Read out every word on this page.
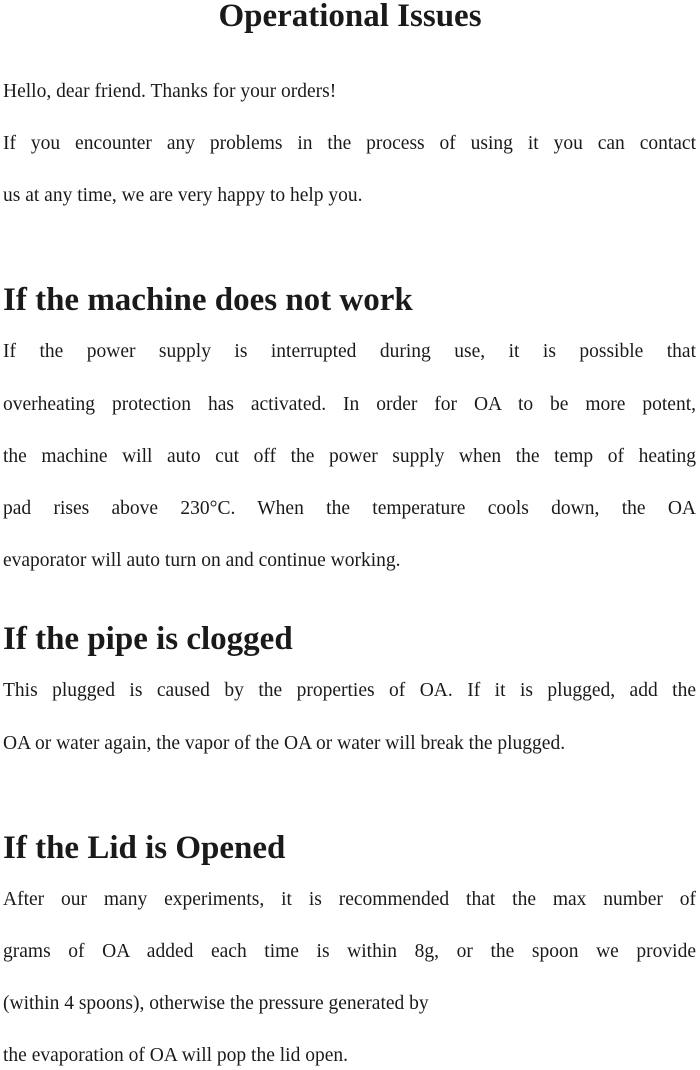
Operational Issues

Hello, dear friend. Thanks for your orders!

If you encounter any problems in the process of using it you can contact

us at any time, we are very happy to help you.

If the machine does not work

If the power supply is interrupted during use, it is possible that

overheating protection has activated. In order for OA to be more potent,

the machine will auto cut off the power supply when the temp of heating

pad rises above 230°C. When the temperature cools down, the OA

evaporator will auto turn on and continue working.

If the pipe is clogged

This plugged is caused by the properties of OA. If it is plugged, add the

OA or water again, the vapor of the OA or water will break the plugged.

If the Lid is Opened

After our many experiments, it is recommended that the max number of

grams of OA added each time is within 8g, or the spoon we provide

(within 4 spoons), otherwise the pressure generated by

the evaporation of OA will pop the lid open.
